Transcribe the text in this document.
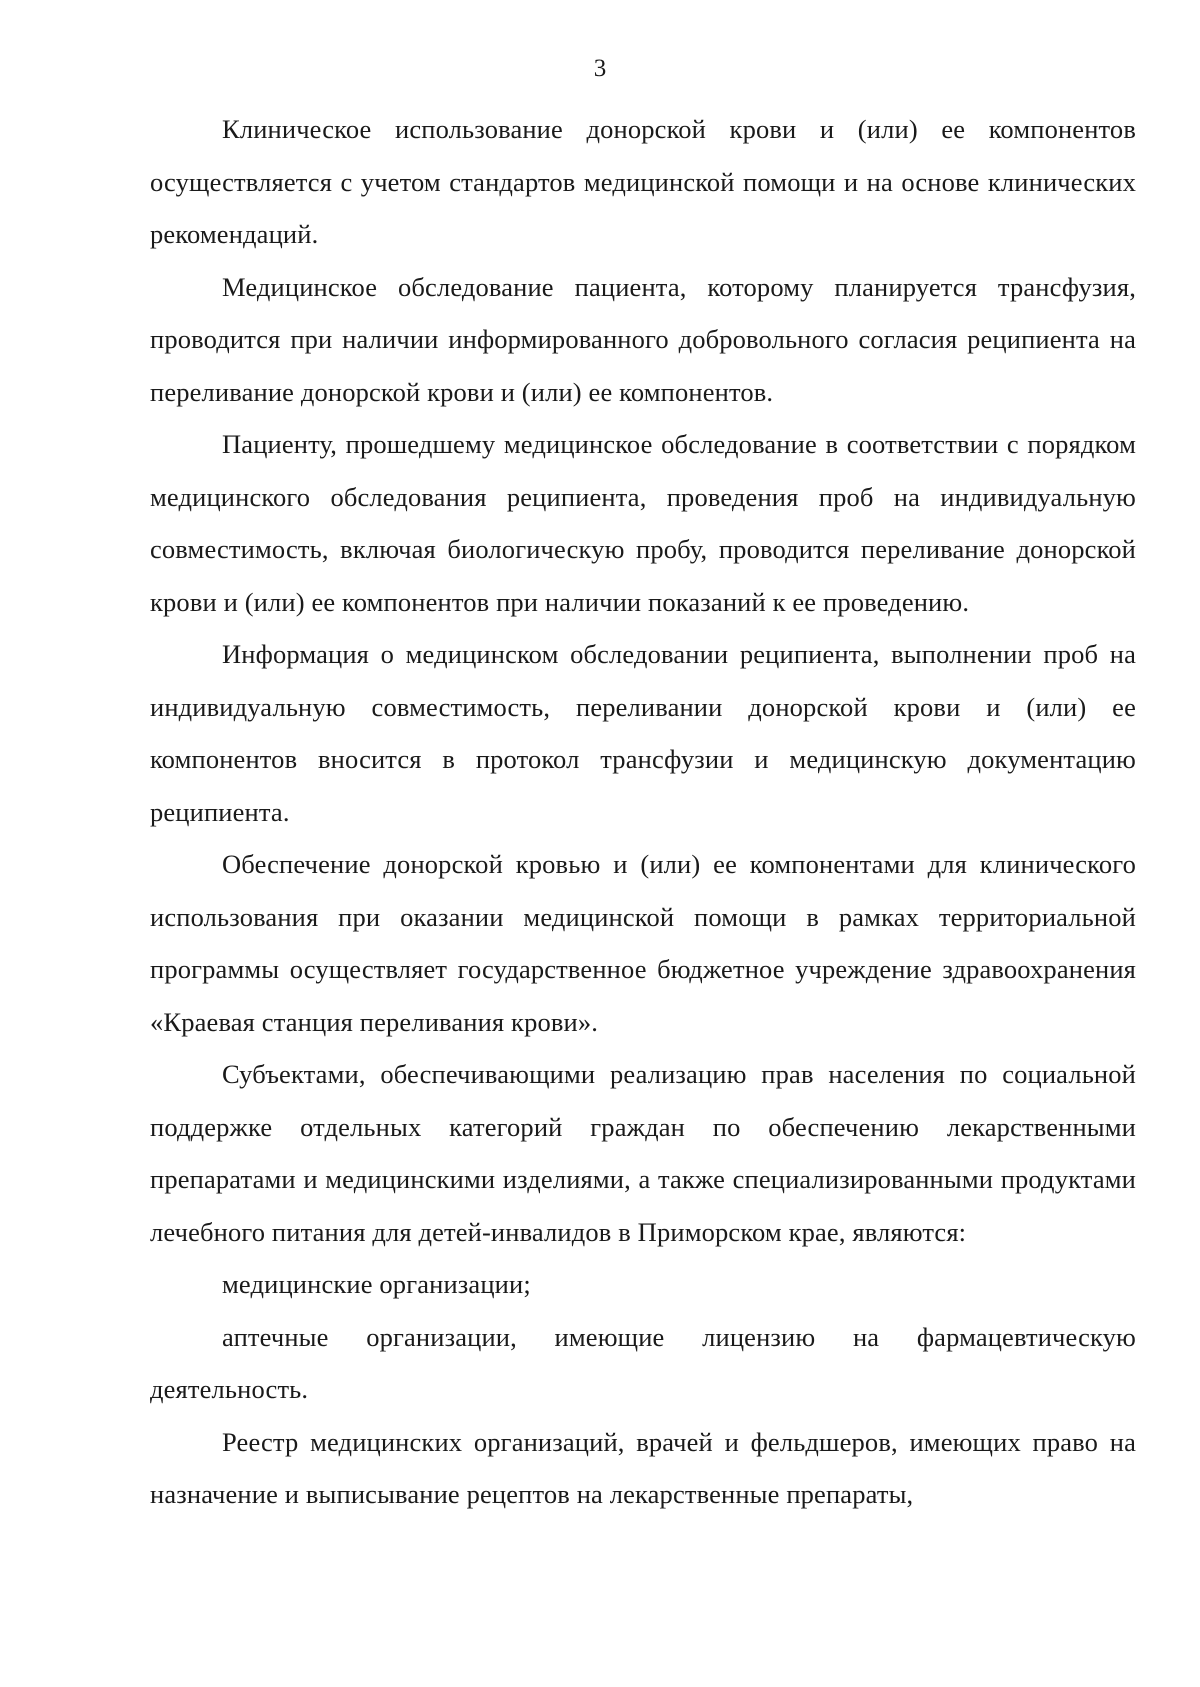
3

Клиническое использование донорской крови и (или) ее компонентов осуществляется с учетом стандартов медицинской помощи и на основе клинических рекомендаций.

Медицинское обследование пациента, которому планируется трансфузия, проводится при наличии информированного добровольного согласия реципиента на переливание донорской крови и (или) ее компонентов.

Пациенту, прошедшему медицинское обследование в соответствии с порядком медицинского обследования реципиента, проведения проб на индивидуальную совместимость, включая биологическую пробу, проводится переливание донорской крови и (или) ее компонентов при наличии показаний к ее проведению.

Информация о медицинском обследовании реципиента, выполнении проб на индивидуальную совместимость, переливании донорской крови и (или) ее компонентов вносится в протокол трансфузии и медицинскую документацию реципиента.

Обеспечение донорской кровью и (или) ее компонентами для клинического использования при оказании медицинской помощи в рамках территориальной программы осуществляет государственное бюджетное учреждение здравоохранения «Краевая станция переливания крови».

Субъектами, обеспечивающими реализацию прав населения по социальной поддержке отдельных категорий граждан по обеспечению лекарственными препаратами и медицинскими изделиями, а также специализированными продуктами лечебного питания для детей-инвалидов в Приморском крае, являются:

медицинские организации;

аптечные организации, имеющие лицензию на фармацевтическую деятельность.

Реестр медицинских организаций, врачей и фельдшеров, имеющих право на назначение и выписывание рецептов на лекарственные препараты,
